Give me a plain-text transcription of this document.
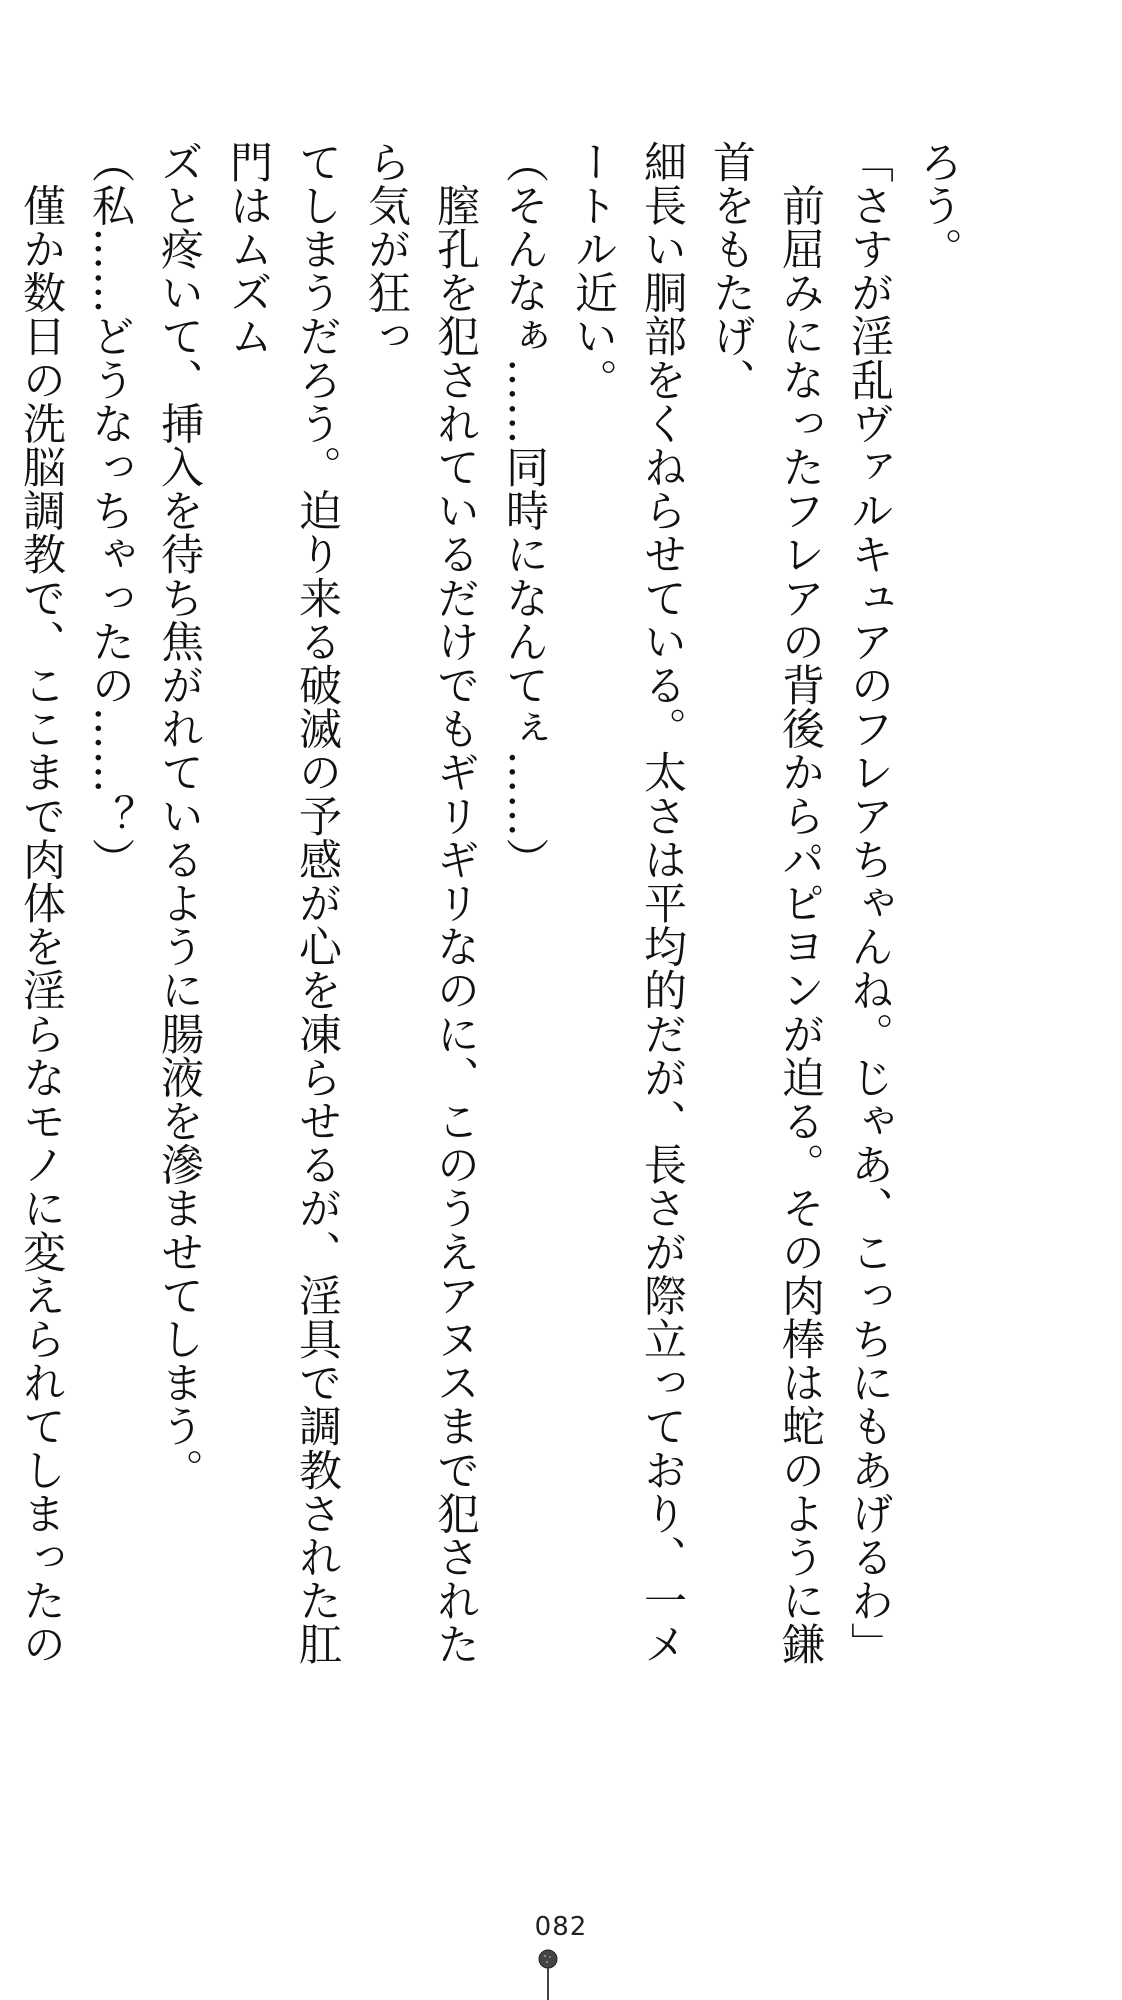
ろう。

「さすが淫乱ヴァルキュアのフレアちゃんね。じゃあ、こっちにもあげるわ」

　前屈みになったフレアの背後からパピヨンが迫る。その肉棒は蛇のように鎌首をもたげ、

細長い胴部をくねらせている。太さは平均的だが、長さが際立っており、一メートル近い。

（そんなぁ……同時になんてぇ……）

　膣孔を犯されているだけでもギリギリなのに、このうえアヌスまで犯されたら気が狂っ

てしまうだろう。迫り来る破滅の予感が心を凍らせるが、淫具で調教された肛門はムズム

ズと疼いて、挿入を待ち焦がれているように腸液を滲ませてしまう。

（私……どうなっちゃったの……？）

　僅か数日の洗脳調教で、ここまで肉体を淫らなモノに変えられてしまったの

082
